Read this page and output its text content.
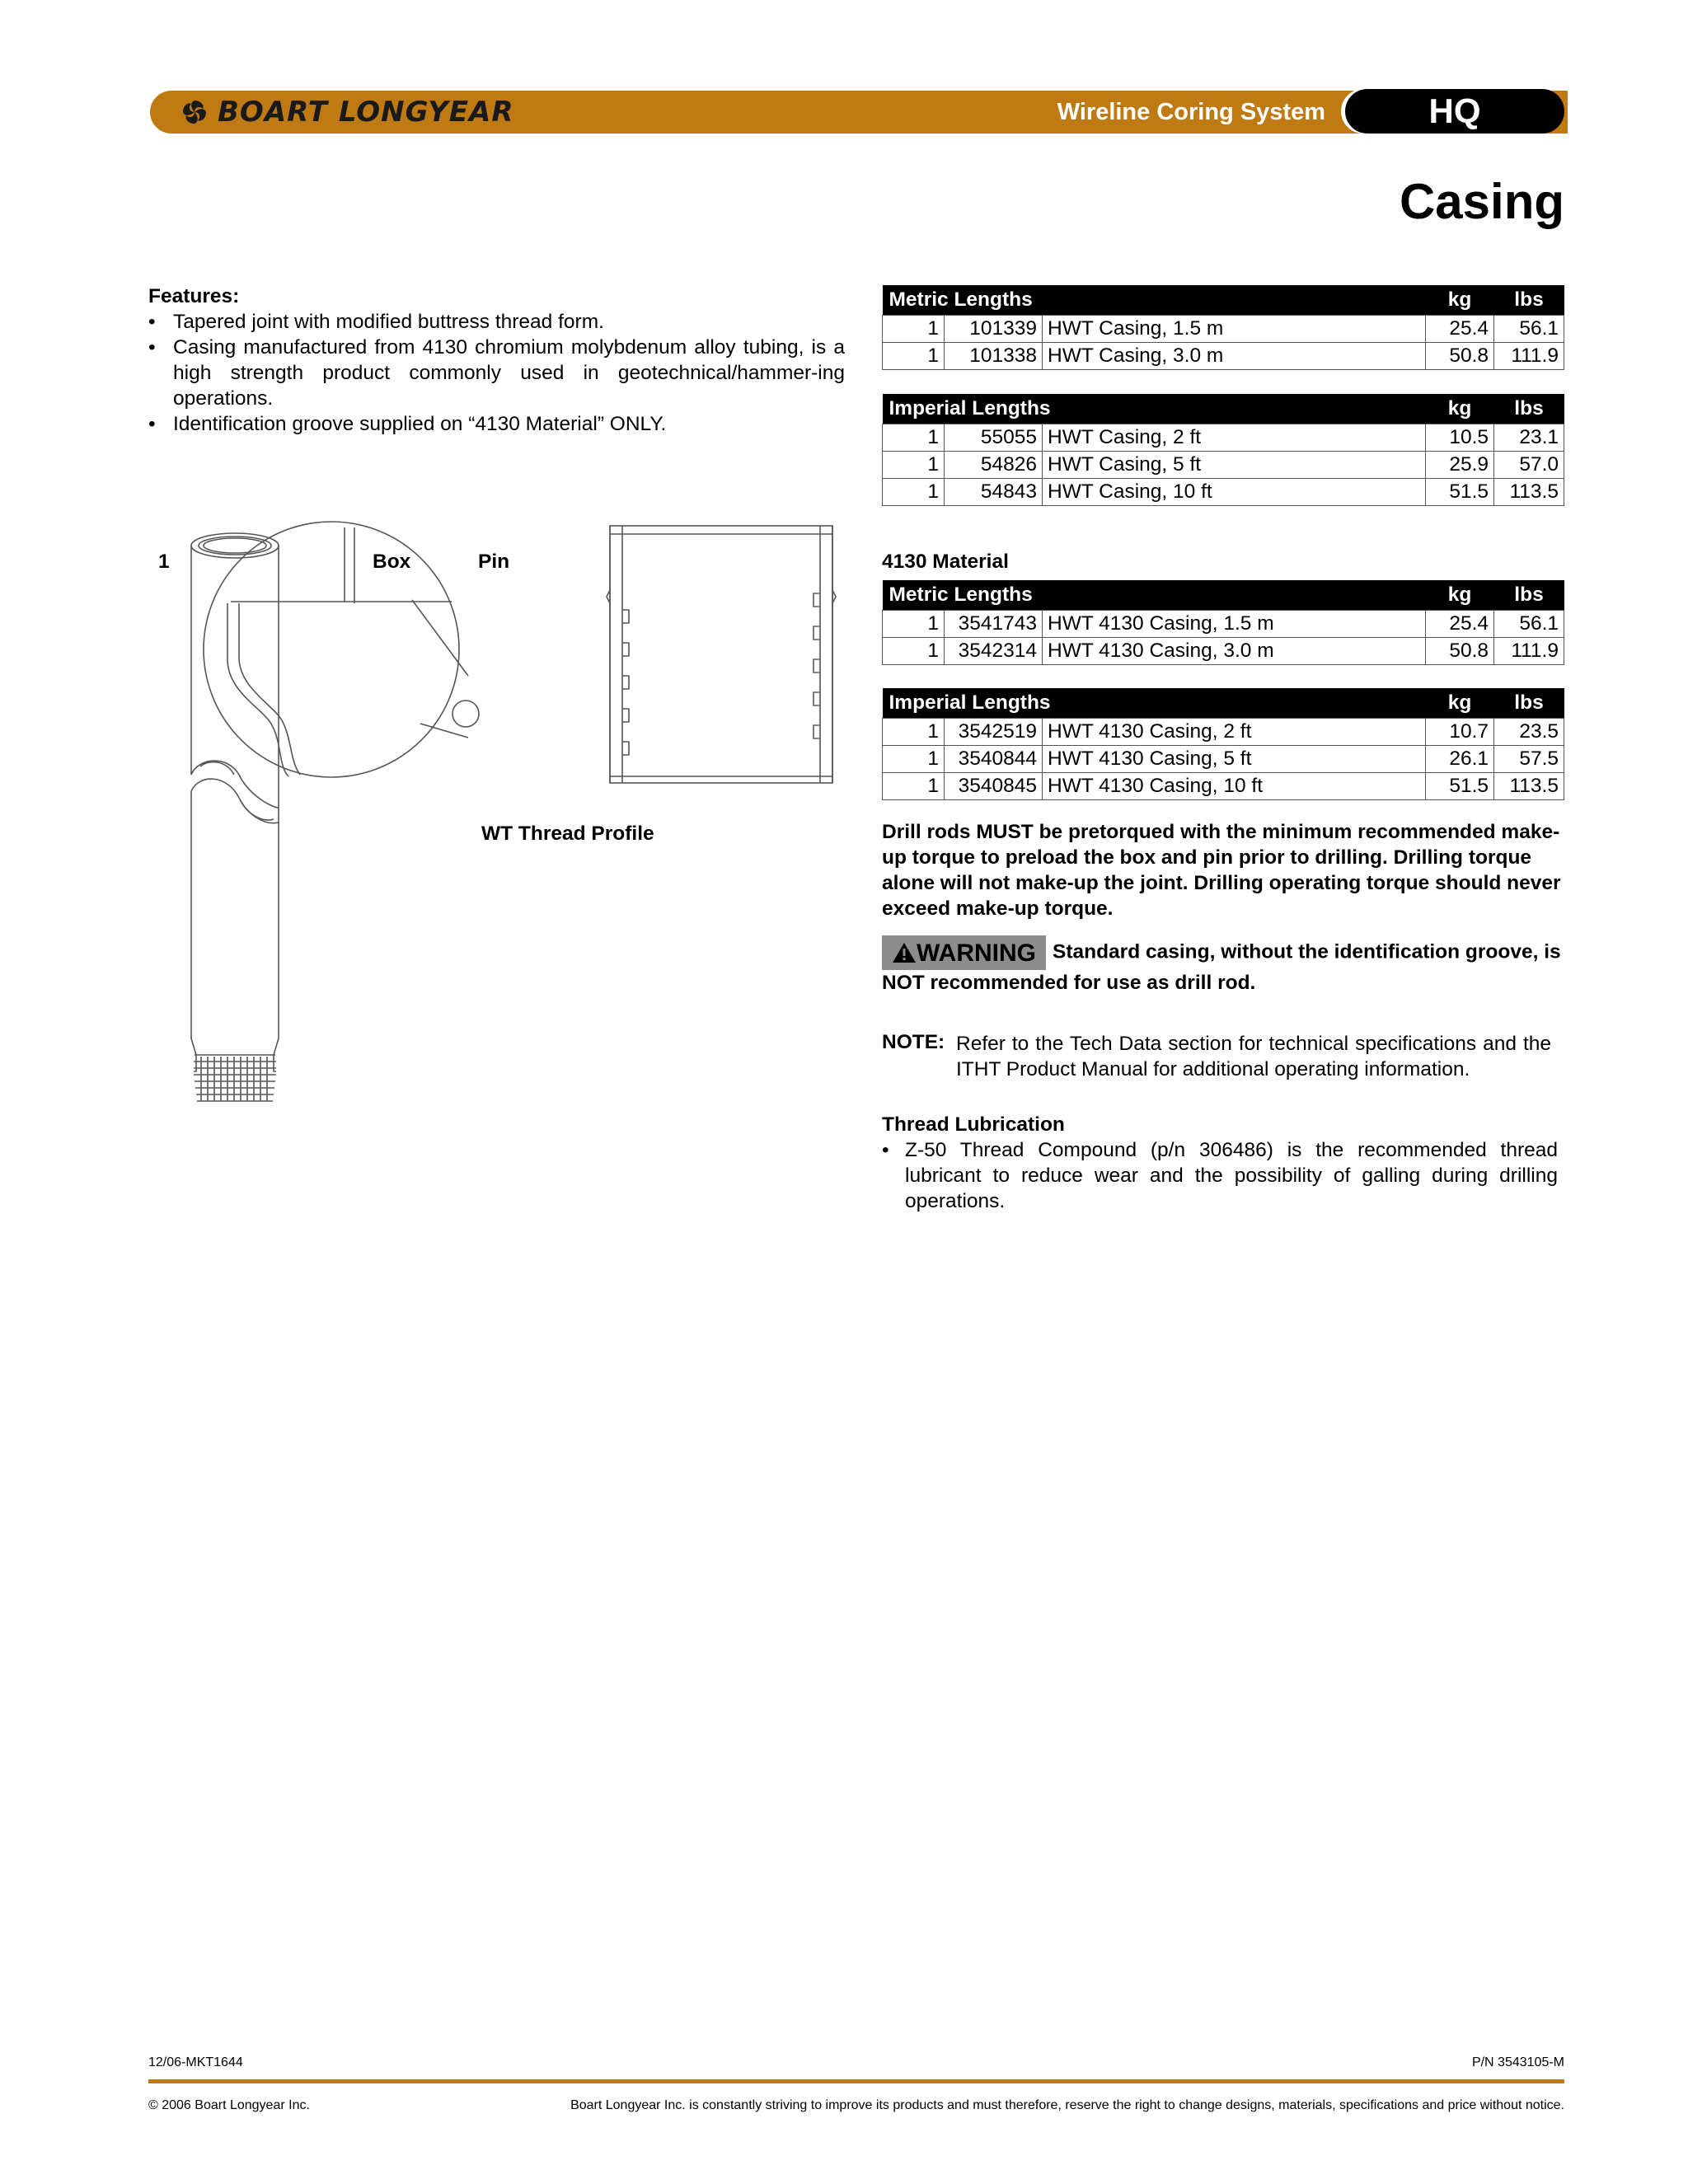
BOART LONGYEAR	Wireline Coring System	HQ
Casing
Features:
• Tapered joint with modified buttress thread form.
• Casing manufactured from 4130 chromium molybdenum alloy tubing, is a high strength product commonly used in geotechnical/hammer-ing operations.
• Identification groove supplied on “4130 Material” ONLY.
1	Box	Pin
WT Thread Profile
Metric Lengths			kg	lbs
1	101339	HWT Casing, 1.5 m	25.4	56.1
1	101338	HWT Casing, 3.0 m	50.8	111.9
Imperial Lengths			kg	lbs
1	55055	HWT Casing, 2 ft	10.5	23.1
1	54826	HWT Casing, 5 ft	25.9	57.0
1	54843	HWT Casing, 10 ft	51.5	113.5
4130 Material
Metric Lengths			kg	lbs
1	3541743	HWT 4130 Casing, 1.5 m	25.4	56.1
1	3542314	HWT 4130 Casing, 3.0 m	50.8	111.9
Imperial Lengths			kg	lbs
1	3542519	HWT 4130 Casing, 2 ft	10.7	23.5
1	3540844	HWT 4130 Casing, 5 ft	26.1	57.5
1	3540845	HWT 4130 Casing, 10 ft	51.5	113.5
Drill rods MUST be pretorqued with the minimum recommended make-up torque to preload the box and pin prior to drilling. Drilling torque alone will not make-up the joint. Drilling operating torque should never exceed make-up torque.
WARNING Standard casing, without the identification groove, is NOT recommended for use as drill rod.
NOTE: Refer to the Tech Data section for technical specifications and the ITHT Product Manual for additional operating information.
Thread Lubrication
• Z-50 Thread Compound (p/n 306486) is the recommended thread lubricant to reduce wear and the possibility of galling during drilling operations.
12/06-MKT1644	P/N 3543105-M
© 2006 Boart Longyear Inc.	Boart Longyear Inc. is constantly striving to improve its products and must therefore, reserve the right to change designs, materials, specifications and price without notice.
